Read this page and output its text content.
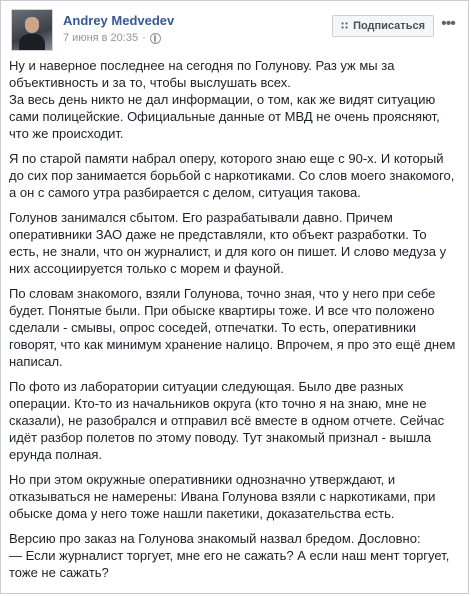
Andrey Medvedev
7 июня в 20:35 ·
∷ Подписаться •••

Ну и наверное последнее на сегодня по Голунову. Раз уж мы за объективность и за то, чтобы выслушать всех.
За весь день никто не дал информации, о том, как же видят ситуацию сами полицейские. Официальные данные от МВД не очень проясняют, что же происходит.

Я по старой памяти набрал оперу, которого знаю еще с 90-х. И который до сих пор занимается борьбой с наркотиками. Со слов моего знакомого, а он с самого утра разбирается с делом, ситуация такова.

Голунов занимался сбытом. Его разрабатывали давно. Причем оперативники ЗАО даже не представляли, кто объект разработки. То есть, не знали, что он журналист, и для кого он пишет. И слово медуза у них ассоциируется только с морем и фауной.

По словам знакомого, взяли Голунова, точно зная, что у него при себе будет. Понятые были. При обыске квартиры тоже. И все что положено сделали - смывы, опрос соседей, отпечатки. То есть, оперативники говорят, что как минимум хранение налицо. Впрочем, я про это ещё днем написал.

По фото из лаборатории ситуации следующая. Было две разных операции. Кто-то из начальников округа (кто точно я на знаю, мне не сказали), не разобрался и отправил всё вместе в одном отчете. Сейчас идёт разбор полетов по этому поводу. Тут знакомый признал - вышла ерунда полная.

Но при этом окружные оперативники однозначно утверждают, и отказываться не намерены: Ивана Голунова взяли с наркотиками, при обыске дома у него тоже нашли пакетики, доказательства есть.

Версию про заказ на Голунова знакомый назвал бредом. Дословно:
— Если журналист торгует, мне его не сажать? А если наш мент торгует, тоже не сажать?
